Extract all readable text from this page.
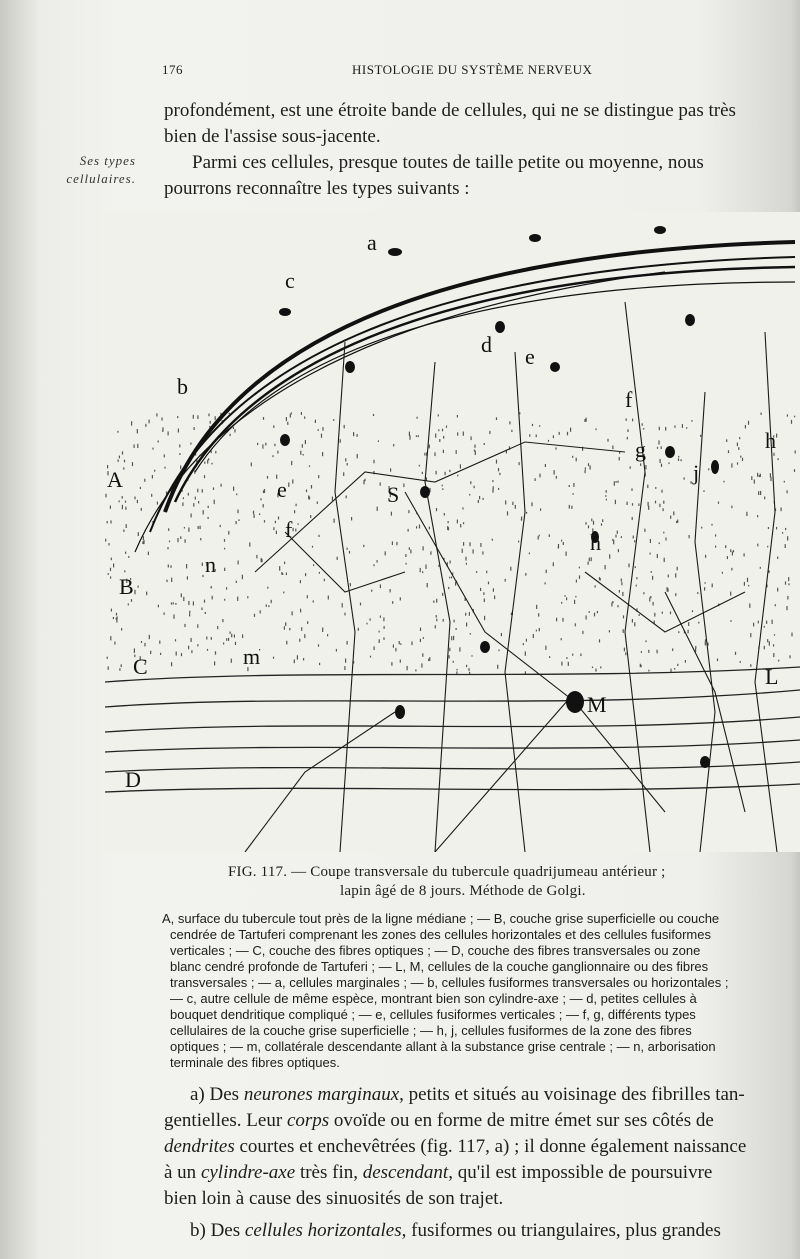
176	HISTOLOGIE DU SYSTÈME NERVEUX
Ses types
cellulaires.
profondément, est une étroite bande de cellules, qui ne se distingue pas très
bien de l'assise sous-jacente.
Parmi ces cellules, presque toutes de taille petite ou moyenne, nous
pourrons reconnaître les types suivants :
a
c
b
d e
A	e
f
S
g
f
j
h
h
B
n
C	m
M
L
D
FIG. 117. — Coupe transversale du tubercule quadrijumeau antérieur ;
lapin âgé de 8 jours. Méthode de Golgi.
A, surface du tubercule tout près de la ligne médiane ; — B, couche grise superficielle ou couche
cendrée de Tartuferi comprenant les zones des cellules horizontales et des cellules fusiformes
verticales ; — C, couche des fibres optiques ; — D, couche des fibres transversales ou zone
blanc cendré profonde de Tartuferi ; — L, M, cellules de la couche ganglionnaire ou des fibres
transversales ; — a, cellules marginales ; — b, cellules fusiformes transversales ou horizontales ;
— c, autre cellule de même espèce, montrant bien son cylindre-axe ; — d, petites cellules à
bouquet dendritique compliqué ; — e, cellules fusiformes verticales ; — f, g, différents types
cellulaires de la couche grise superficielle ; — h, j, cellules fusiformes de la zone des fibres
optiques ; — m, collatérale descendante allant à la substance grise centrale ; — n, arborisation
terminale des fibres optiques.
a) Des neurones marginaux, petits et situés au voisinage des fibrilles tan-
gentielles. Leur corps ovoïde ou en forme de mitre émet sur ses côtés de
dendrites courtes et enchevêtrées (fig. 117, a) ; il donne également naissance
à un cylindre-axe très fin, descendant, qu'il est impossible de poursuivre
bien loin à cause des sinuosités de son trajet.
b) Des cellules horizontales, fusiformes ou triangulaires, plus grandes
